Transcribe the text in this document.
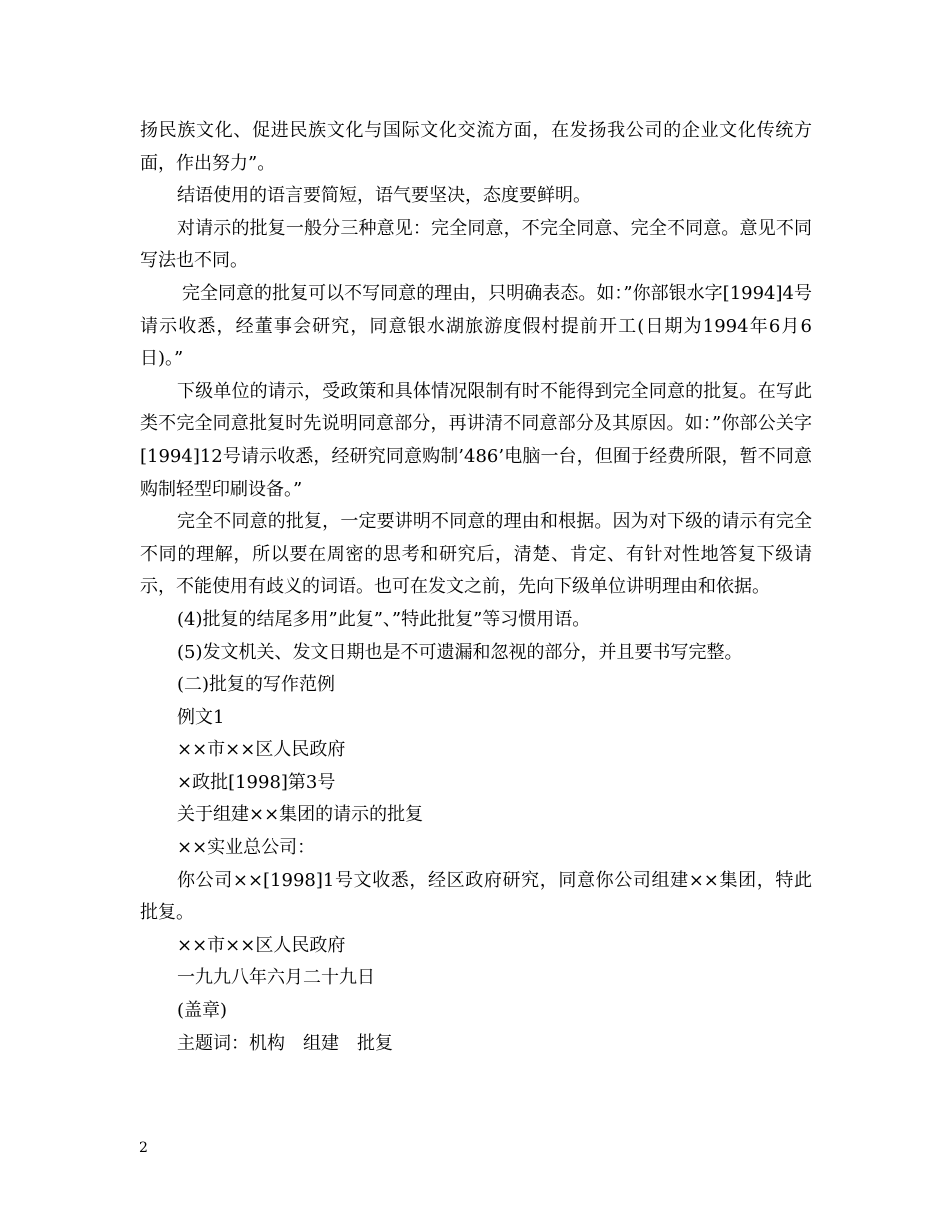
扬民族文化、促进民族文化与国际文化交流方面，在发扬我公司的企业文化传统方面，作出努力”。

结语使用的语言要简短，语气要坚决，态度要鲜明。

对请示的批复一般分三种意见：完全同意，不完全同意、完全不同意。意见不同写法也不同。

完全同意的批复可以不写同意的理由，只明确表态。如：”你部银水字[1994]4号请示收悉，经董事会研究，同意银水湖旅游度假村提前开工(日期为1994年6月6日)。”

下级单位的请示，受政策和具体情况限制有时不能得到完全同意的批复。在写此类不完全同意批复时先说明同意部分，再讲清不同意部分及其原因。如：”你部公关字[1994]12号请示收悉，经研究同意购制’486’电脑一台，但囿于经费所限，暂不同意购制轻型印刷设备。”

完全不同意的批复，一定要讲明不同意的理由和根据。因为对下级的请示有完全不同的理解，所以要在周密的思考和研究后，清楚、肯定、有针对性地答复下级请示，不能使用有歧义的词语。也可在发文之前，先向下级单位讲明理由和依据。

(4)批复的结尾多用”此复”、”特此批复”等习惯用语。

(5)发文机关、发文日期也是不可遗漏和忽视的部分，并且要书写完整。

(二)批复的写作范例

例文1

××市××区人民政府

×政批[1998]第3号

关于组建××集团的请示的批复

××实业总公司：

你公司××[1998]1号文收悉，经区政府研究，同意你公司组建××集团，特此批复。

××市××区人民政府

一九九八年六月二十九日

(盖章)

主题词：机构　组建　批复

2
